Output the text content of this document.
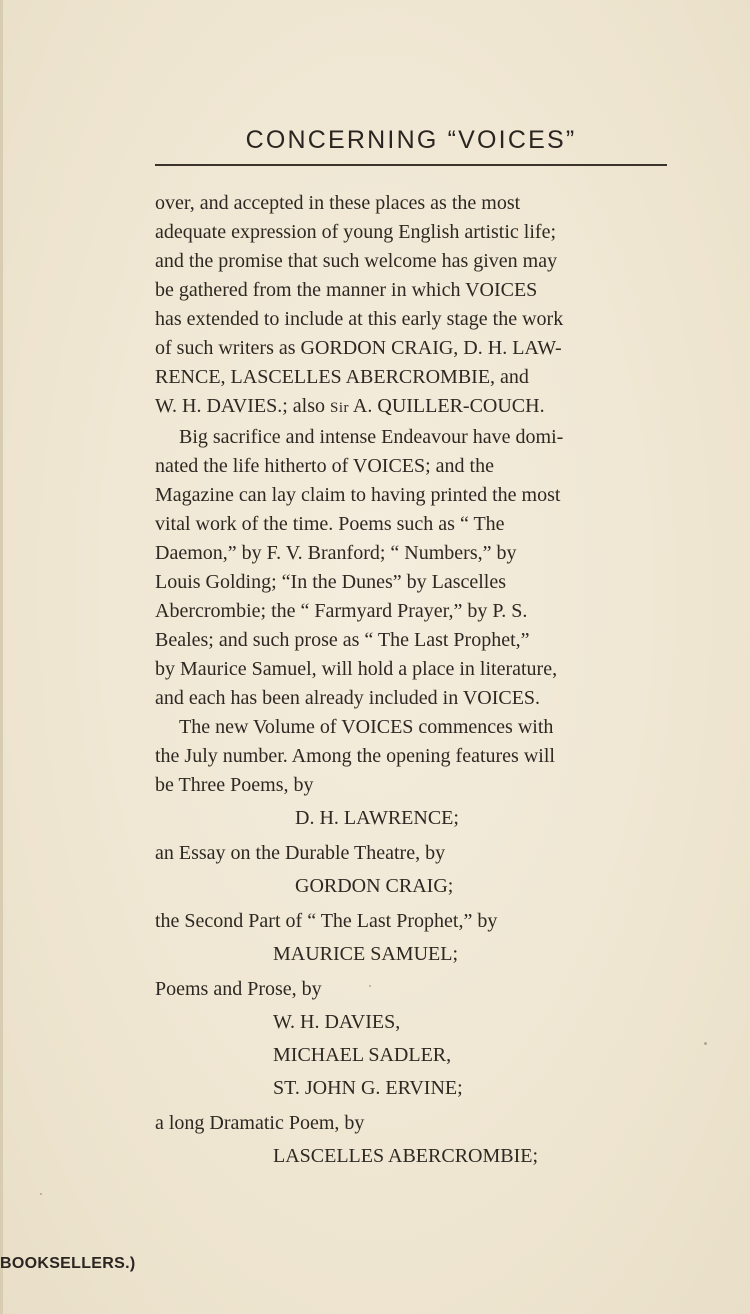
CONCERNING “VOICES”
over, and accepted in these places as the most
adequate expression of young English artistic life;
and the promise that such welcome has given may
be gathered from the manner in which VOICES
has extended to include at this early stage the work
of such writers as GORDON CRAIG, D. H. LAW-
RENCE, LASCELLES ABERCROMBIE, and
W. H. DAVIES.; also Sir A. QUILLER-COUCH.
Big sacrifice and intense Endeavour have domi-
nated the life hitherto of VOICES; and the
Magazine can lay claim to having printed the most
vital work of the time. Poems such as “ The
Daemon,” by F. V. Branford; “ Numbers,” by
Louis Golding; “In the Dunes” by Lascelles
Abercrombie; the “ Farmyard Prayer,” by P. S.
Beales; and such prose as “ The Last Prophet,”
by Maurice Samuel, will hold a place in literature,
and each has been already included in VOICES.
The new Volume of VOICES commences with
the July number. Among the opening features will
be Three Poems, by
D. H. LAWRENCE;
an Essay on the Durable Theatre, by
GORDON CRAIG;
the Second Part of “ The Last Prophet,” by
MAURICE SAMUEL;
Poems and Prose, by
W. H. DAVIES,
MICHAEL SADLER,
ST. JOHN G. ERVINE;
a long Dramatic Poem, by
LASCELLES ABERCROMBIE;
BOOKSELLERS.)
